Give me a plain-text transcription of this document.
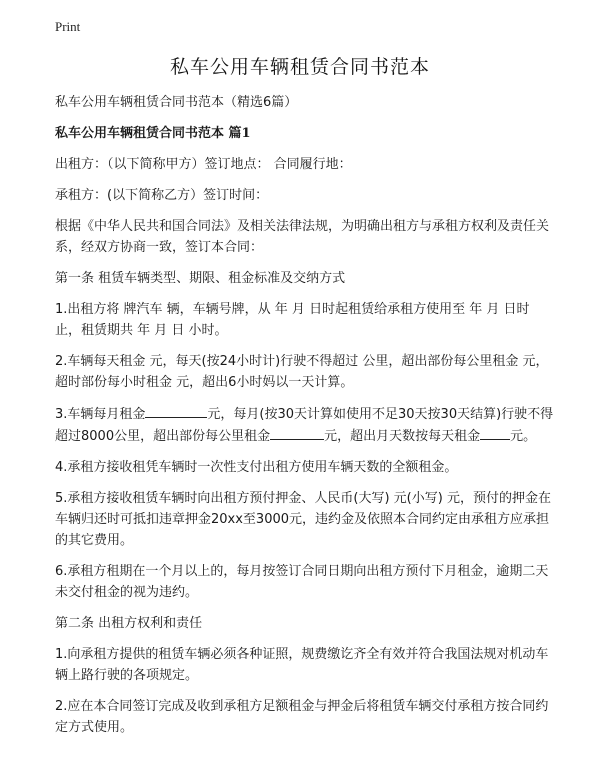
Print
私车公用车辆租赁合同书范本

私车公用车辆租赁合同书范本（精选6篇）

私车公用车辆租赁合同书范本 篇1

出租方：（以下简称甲方）签订地点： 合同履行地：

承租方：(以下简称乙方）签订时间：

根据《中华人民共和国合同法》及相关法律法规，为明确出租方与承租方权利及责任关系，经双方协商一致，签订本合同：

第一条 租赁车辆类型、期限、租金标准及交纳方式

1.出租方将 牌汽车 辆，车辆号牌，从 年 月 日时起租赁给承租方使用至 年 月 日时止，租赁期共 年 月 日 小时。

2.车辆每天租金 元，每天(按24小时计)行驶不得超过 公里，超出部份每公里租金 元，超时部份每小时租金 元，超出6小时妈以一天计算。

3.车辆每月租金	元，每月(按30天计算如使用不足30天按30天结算)行驶不得超过8000公里，超出部份每公里租金	元，超出月天数按每天租金 元。

4.承租方接收租凭车辆时一次性支付出租方使用车辆天数的全额租金。

5.承租方接收租赁车辆时向出租方预付押金、人民币(大写) 元(小写) 元，预付的押金在车辆归还时可抵扣违章押金20xx至3000元，违约金及依照本合同约定由承租方应承担的其它费用。

6.承租方租期在一个月以上的，每月按签订合同日期向出租方预付下月租金，逾期二天未交付租金的视为违约。

第二条 出租方权利和责任

1.向承租方提供的租赁车辆必须各种证照，规费缴讫齐全有效并符合我国法规对机动车辆上路行驶的各项规定。

2.应在本合同签订完成及收到承租方足额租金与押金后将租赁车辆交付承租方按合同约定方式使用。
